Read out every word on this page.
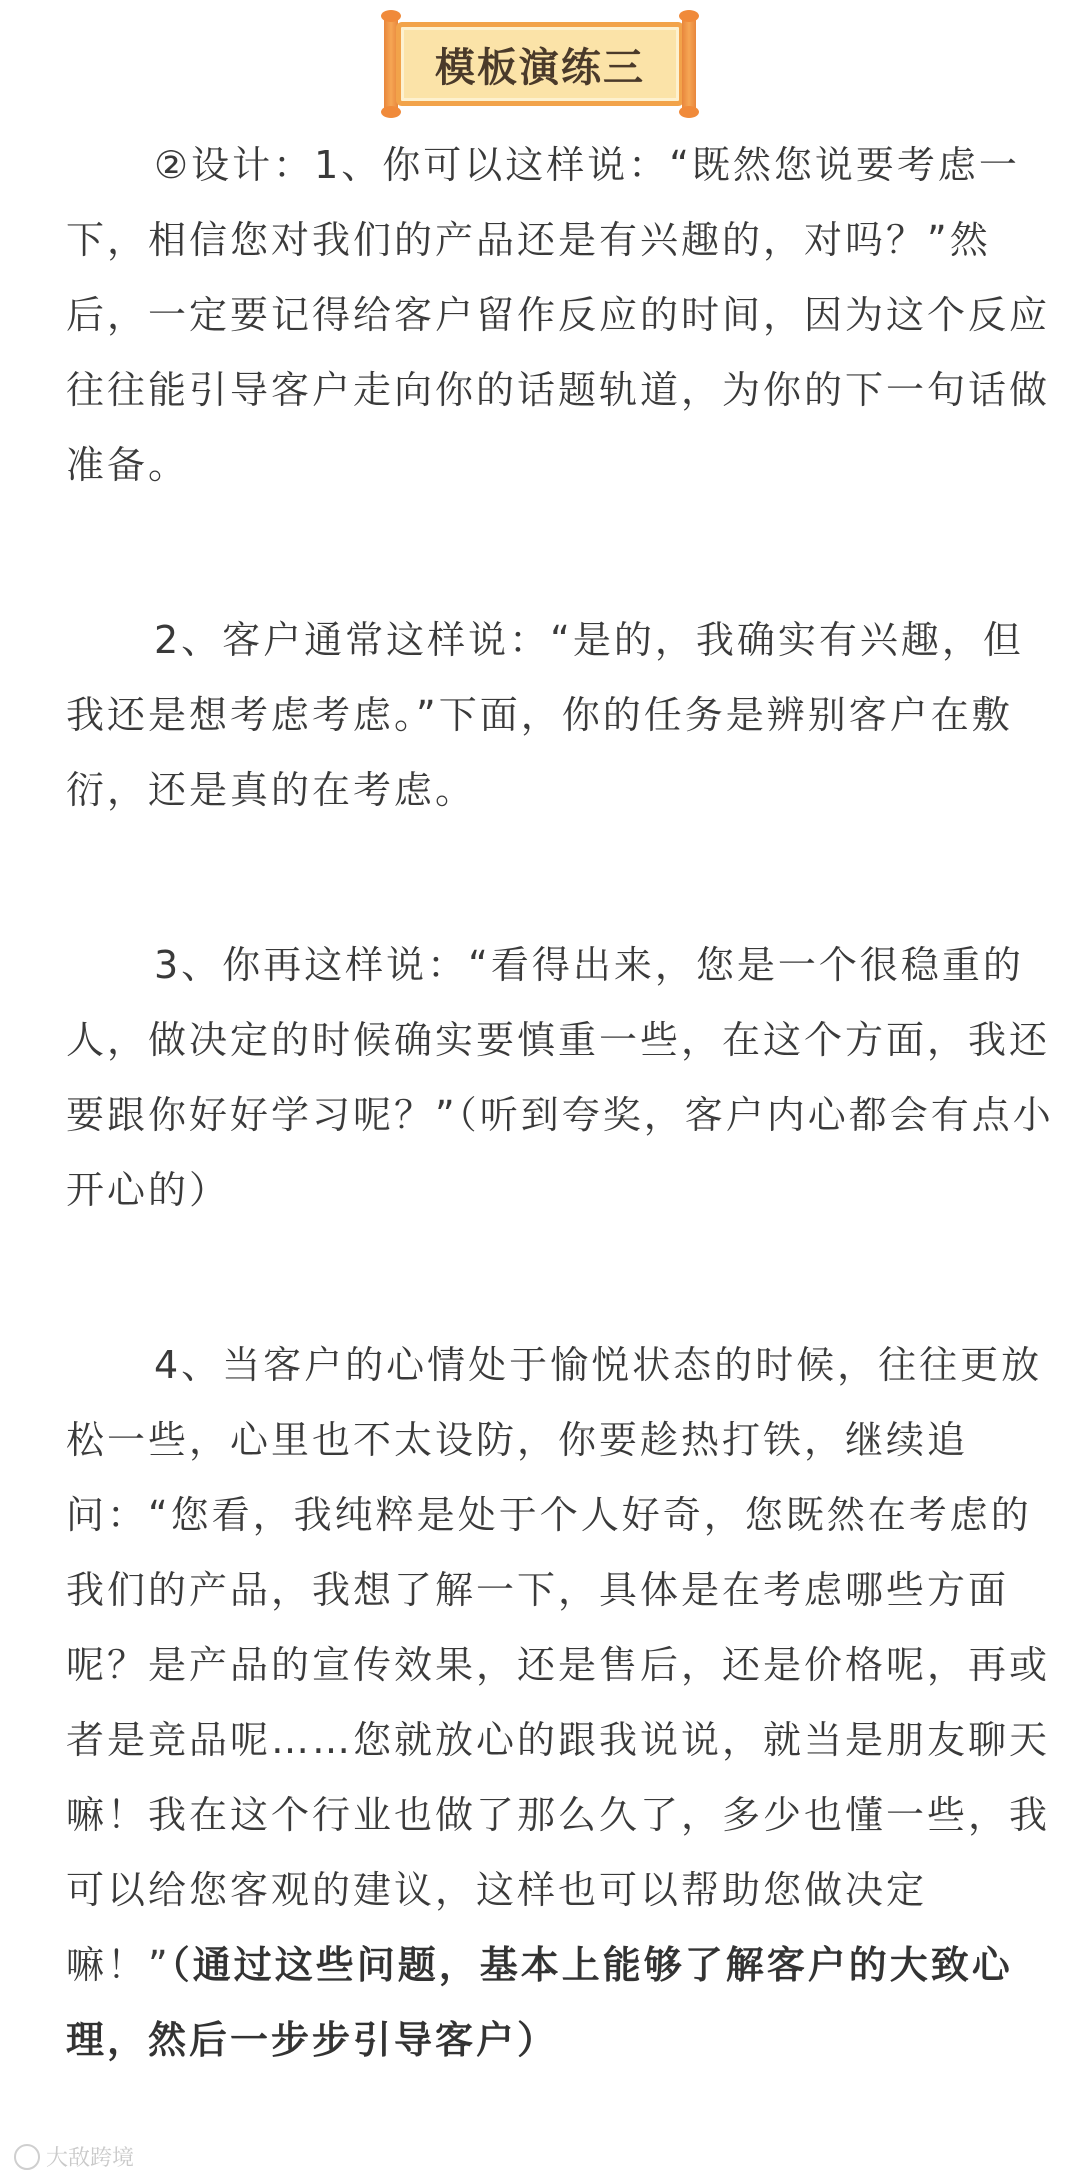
模板演练三

②设计：1、你可以这样说：“既然您说要考虑一下，相信您对我们的产品还是有兴趣的，对吗？”然后，一定要记得给客户留作反应的时间，因为这个反应往往能引导客户走向你的话题轨道，为你的下一句话做准备。

2、客户通常这样说：“是的，我确实有兴趣，但我还是想考虑考虑。”下面，你的任务是辨别客户在敷衍，还是真的在考虑。

3、你再这样说：“看得出来，您是一个很稳重的人，做决定的时候确实要慎重一些，在这个方面，我还要跟你好好学习呢？”（听到夸奖，客户内心都会有点小开心的）

4、当客户的心情处于愉悦状态的时候，往往更放松一些，心里也不太设防，你要趁热打铁，继续追问：“您看，我纯粹是处于个人好奇，您既然在考虑的我们的产品，我想了解一下，具体是在考虑哪些方面呢？是产品的宣传效果，还是售后，还是价格呢，再或者是竞品呢……您就放心的跟我说说，就当是朋友聊天嘛！我在这个行业也做了那么久了，多少也懂一些，我可以给您客观的建议，这样也可以帮助您做决定嘛！”（通过这些问题，基本上能够了解客户的大致心理，然后一步步引导客户）

大敌跨境
